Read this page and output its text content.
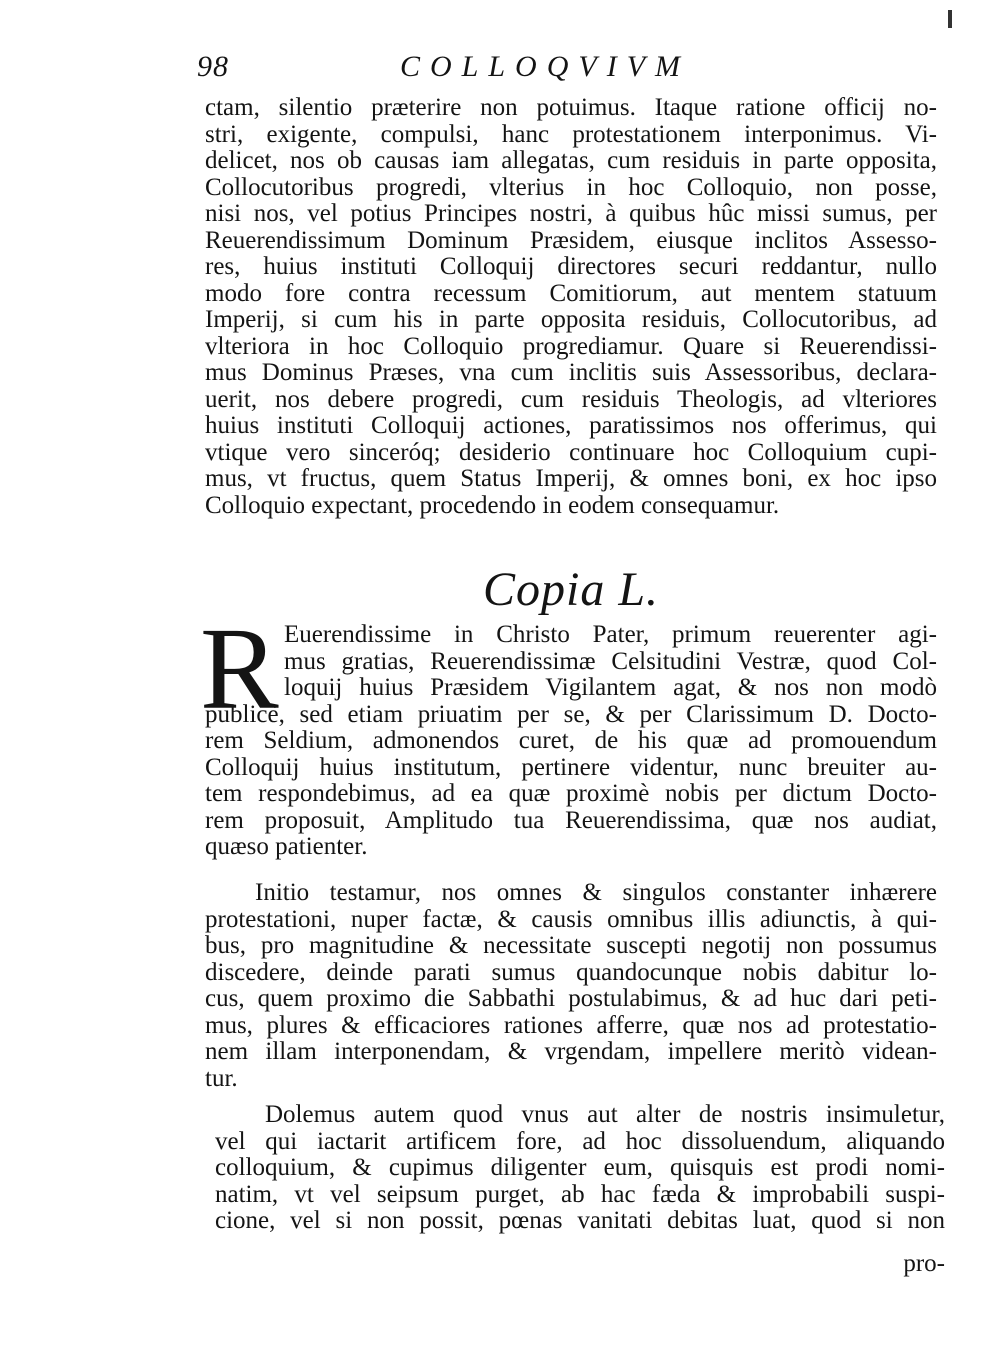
98	COLLOQVIVM
ctam, silentio præterire non potuimus. Itaque ratione officij no-
stri, exigente, compulsi, hanc protestationem interponimus. Vi-
delicet, nos ob causas iam allegatas, cum residuis in parte opposita,
Collocutoribus progredi, vlterius in hoc Colloquio, non posse,
nisi nos, vel potius Principes nostri, à quibus hûc missi sumus, per
Reuerendissimum Dominum Præsidem, eiusque inclitos Assesso-
res, huius instituti Colloquij directores securi reddantur, nullo
modo fore contra recessum Comitiorum, aut mentem statuum
Imperij, si cum his in parte opposita residuis, Collocutoribus, ad
vlteriora in hoc Colloquio progrediamur. Quare si Reuerendissi-
mus Dominus Præses, vna cum inclitis suis Assessoribus, declara-
uerit, nos debere progredi, cum residuis Theologis, ad vlteriores
huius instituti Colloquij actiones, paratissimos nos offerimus, qui
vtique vero sinceróq; desiderio continuare hoc Colloquium cupi-
mus, vt fructus, quem Status Imperij, & omnes boni, ex hoc ipso
Colloquio expectant, procedendo in eodem consequamur.
Copia L.
R Euerendissime in Christo Pater, primum reuerenter agi-
mus gratias, Reuerendissimæ Celsitudini Vestræ, quod Col-
loquij huius Præsidem Vigilantem agat, & nos non modò
publicè, sed etiam priuatim per se, & per Clarissimum D. Docto-
rem Seldium, admonendos curet, de his quæ ad promouendum
Colloquij huius institutum, pertinere videntur, nunc breuiter au-
tem respondebimus, ad ea quæ proximè nobis per dictum Docto-
rem proposuit, Amplitudo tua Reuerendissima, quæ nos audiat,
quæso patienter.
Initio testamur, nos omnes & singulos constanter inhærere
protestationi, nuper factæ, & causis omnibus illis adiunctis, à qui-
bus, pro magnitudine & necessitate suscepti negotij non possumus
discedere, deinde parati sumus quandocunque nobis dabitur lo-
cus, quem proximo die Sabbathi postulabimus, & ad huc dari peti-
mus, plures & efficaciores rationes afferre, quæ nos ad protestatio-
nem illam interponendam, & vrgendam, impellere meritò videan-
tur.
Dolemus autem quod vnus aut alter de nostris insimuletur,
vel qui iactarit artificem fore, ad hoc dissoluendum, aliquando
colloquium, & cupimus diligenter eum, quisquis est prodi nomi-
natim, vt vel seipsum purget, ab hac fæda & improbabili suspi-
cione, vel si non possit, pœnas vanitati debitas luat, quod si non
pro-
